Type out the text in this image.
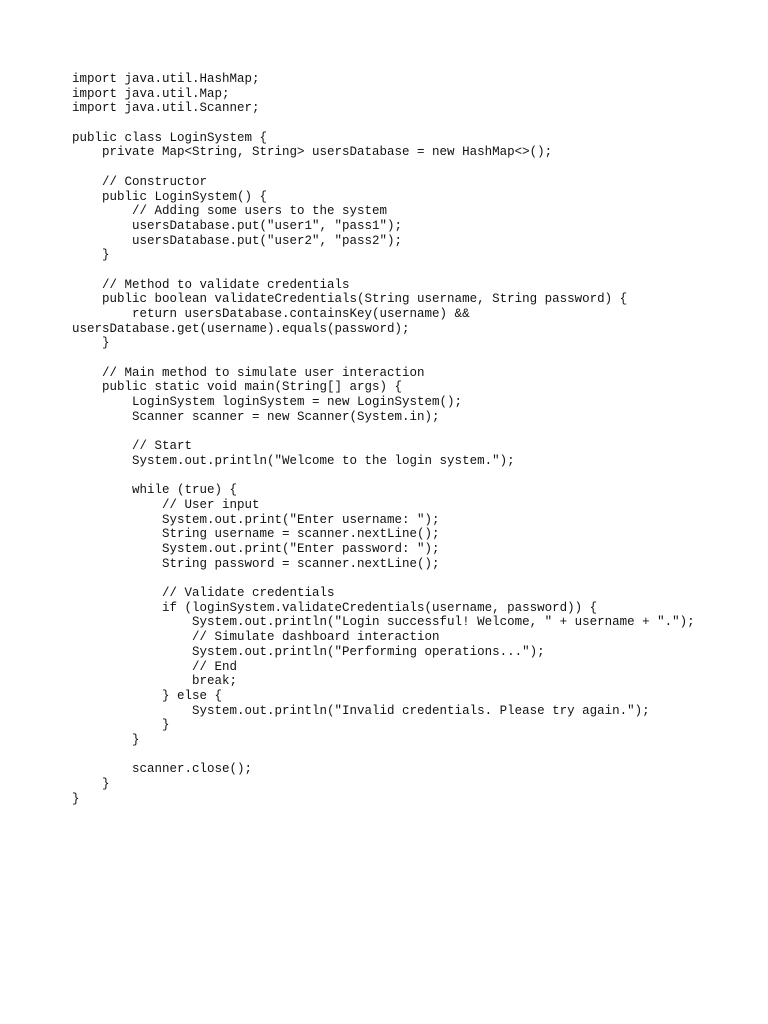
import java.util.HashMap;
import java.util.Map;
import java.util.Scanner;
public class LoginSystem {
private Map<String, String> usersDatabase = new HashMap<>();
// Constructor
public LoginSystem() {
// Adding some users to the system
usersDatabase.put("user1", "pass1");
usersDatabase.put("user2", "pass2");
}
// Method to validate credentials
public boolean validateCredentials(String username, String password) {
return usersDatabase.containsKey(username) &&
usersDatabase.get(username).equals(password);
}
// Main method to simulate user interaction
public static void main(String[] args) {
LoginSystem loginSystem = new LoginSystem();
Scanner scanner = new Scanner(System.in);
// Start
System.out.println("Welcome to the login system.");
while (true) {
// User input
System.out.print("Enter username: ");
String username = scanner.nextLine();
System.out.print("Enter password: ");
String password = scanner.nextLine();
// Validate credentials
if (loginSystem.validateCredentials(username, password)) {
System.out.println("Login successful! Welcome, " + username + ".");
// Simulate dashboard interaction
System.out.println("Performing operations...");
// End
break;
} else {
System.out.println("Invalid credentials. Please try again.");
}
}
scanner.close();
}
}
